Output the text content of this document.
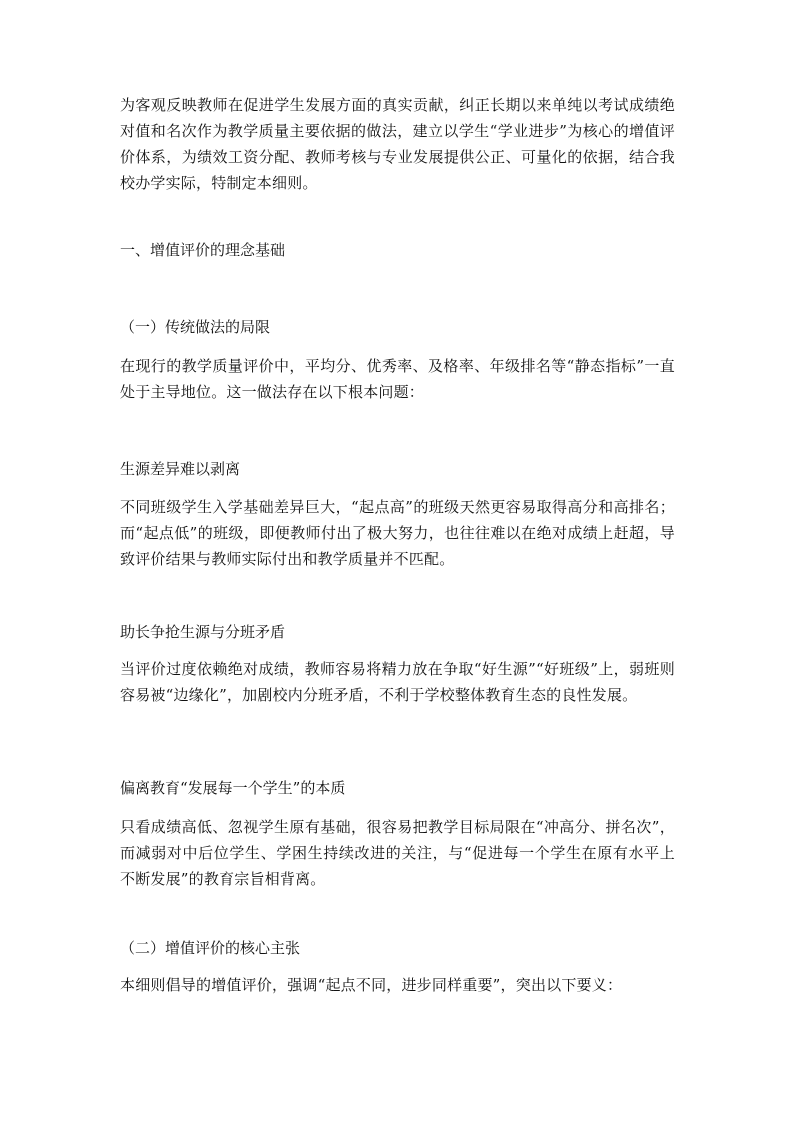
为客观反映教师在促进学生发展方面的真实贡献，纠正长期以来单纯以考试成绩绝对值和名次作为教学质量主要依据的做法，建立以学生“学业进步”为核心的增值评价体系，为绩效工资分配、教师考核与专业发展提供公正、可量化的依据，结合我校办学实际，特制定本细则。

一、增值评价的理念基础
（一）传统做法的局限

在现行的教学质量评价中，平均分、优秀率、及格率、年级排名等“静态指标”一直处于主导地位。这一做法存在以下根本问题：

生源差异难以剥离

不同班级学生入学基础差异巨大，“起点高”的班级天然更容易取得高分和高排名；而“起点低”的班级，即便教师付出了极大努力，也往往难以在绝对成绩上赶超，导致评价结果与教师实际付出和教学质量并不匹配。

助长争抢生源与分班矛盾

当评价过度依赖绝对成绩，教师容易将精力放在争取“好生源”“好班级”上，弱班则容易被“边缘化”，加剧校内分班矛盾，不利于学校整体教育生态的良性发展。

偏离教育“发展每一个学生”的本质

只看成绩高低、忽视学生原有基础，很容易把教学目标局限在“冲高分、拼名次”，而减弱对中后位学生、学困生持续改进的关注，与“促进每一个学生在原有水平上不断发展”的教育宗旨相背离。

（二）增值评价的核心主张

本细则倡导的增值评价，强调“起点不同，进步同样重要”，突出以下要义：
